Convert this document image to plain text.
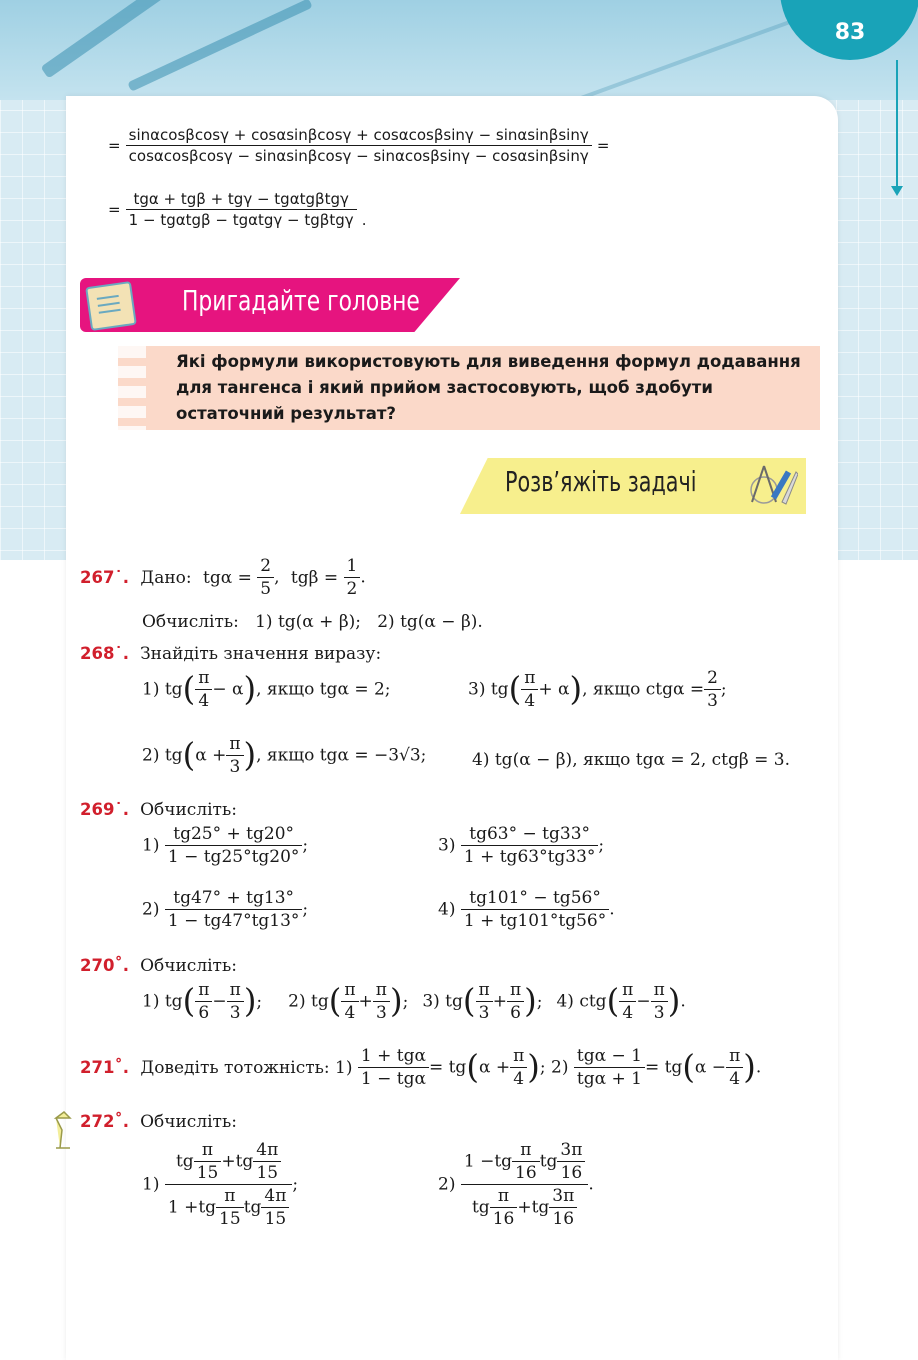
83
= $\frac{\sin\alpha\cos\beta\cos\gamma + \cos\alpha\sin\beta\cos\gamma + \cos\alpha\cos\beta\sin\gamma - \sin\alpha\sin\beta\sin\gamma}{\cos\alpha\cos\beta\cos\gamma - \sin\alpha\sin\beta\cos\gamma - \sin\alpha\cos\beta\sin\gamma - \cos\alpha\sin\beta\sin\gamma}$ =
= $\frac{\text{tgα + tgβ + tgγ − tgαtgβtgγ}}{\text{1 − tgαtgβ − tgαtgγ − tgβtgγ}}$ .
Пригадайте головне
Які формули використовують для виведення формул додавання для тангенса і який прийом застосовують, щоб здобути остаточний результат?
Розв’яжіть задачі
267˙. Дано: $tg\alpha = \frac{2}{5}$ , $tg\beta = \frac{1}{2}$ .
Обчисліть:   1) tg(α + β);   2) tg(α − β).
268˙. Знайдіть значення виразу:
1) $tg( \frac{\pi}{4} - \alpha)$, якщо tgα = 2;	3) $tg( \frac{\pi}{4} + \alpha)$, якщо $ctg\alpha = \frac{2}{3}$ ;
2) $tg(\alpha + \frac{\pi}{3}$ ), якщо tgα = −3√3;	4) tg(α − β), якщо tgα = 2, ctgβ = 3.
269˙. Обчисліть:
$1) \frac{tg25^\circ + tg20^\circ}{1 - tg25^\circ tg20^\circ}$ ;	$3) \frac{tg63^\circ - tg33^\circ}{1 + tg63^\circ tg33^\circ}$ ;
$2) \frac{tg47^\circ + tg13^\circ}{1 - tg47^\circ tg13^\circ}$ ;	$4) \frac{tg101^\circ - tg56^\circ}{1 + tg101^\circ tg56^\circ}$ .
270˚. Обчисліть:
1) $tg( \frac{\pi}{6} - \frac{\pi}{3}$ ); 2) $tg( \frac{\pi}{4} + \frac{\pi}{3}$ ); 3) $tg( \frac{\pi}{3} + \frac{\pi}{6}$ ); 4) $ctg( \frac{\pi}{4} - \frac{\pi}{3}$ ).
271˚. Доведіть тотожність: $1) \frac{\text{1 + tgα}}{\text{1 − tgα}} = tg(\alpha + \frac{\pi}{4}$ ); $2) \frac{\text{tgα − 1}}{\text{tgα + 1}} = tg(\alpha - \frac{\pi}{4}$ ).
272˚. Обчисліть:
$1) \frac{tg \frac{\pi}{15} +tg \frac{4\pi}{15}}{1 +tg \frac{\pi}{15} tg \frac{4\pi}{15}}$ ;	$2) \frac{1 -tg \frac{\pi}{16} tg \frac{3\pi}{16}}{tg \frac{\pi}{16} +tg \frac{3\pi}{16}}$ .
